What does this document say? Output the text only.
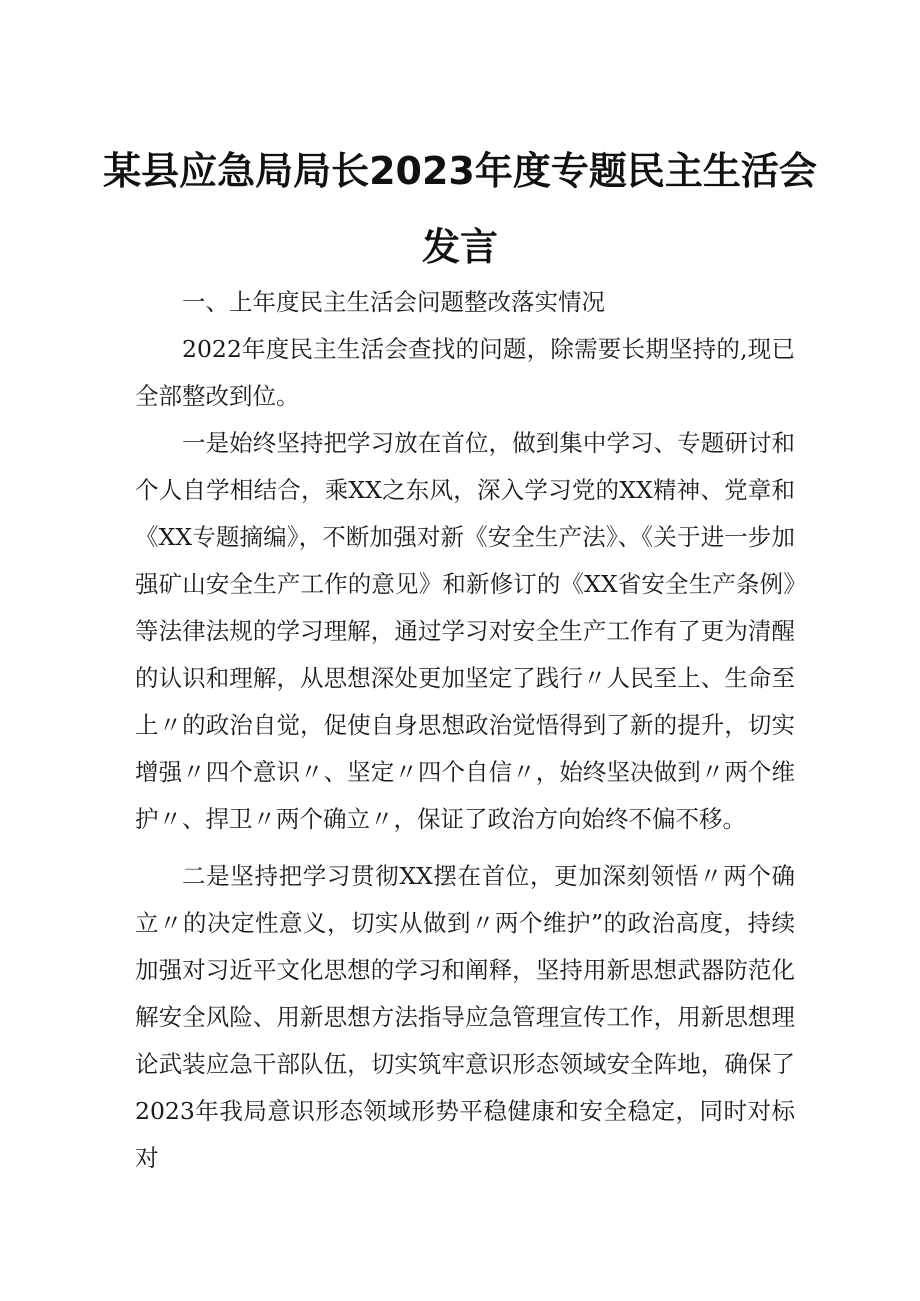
某县应急局局长2023年度专题民主生活会
发言

一、上年度民主生活会问题整改落实情况

2022年度民主生活会查找的问题，除需要长期坚持的,现已全部整改到位。

一是始终坚持把学习放在首位，做到集中学习、专题研讨和个人自学相结合，乘XX之东风，深入学习党的XX精神、党章和《XX专题摘编》，不断加强对新《安全生产法》、《关于进一步加强矿山安全生产工作的意见》和新修订的《XX省安全生产条例》等法律法规的学习理解，通过学习对安全生产工作有了更为清醒的认识和理解，从思想深处更加坚定了践行〃人民至上、生命至上〃的政治自觉，促使自身思想政治觉悟得到了新的提升，切实增强〃四个意识〃、坚定〃四个自信〃，始终坚决做到〃两个维护〃、捍卫〃两个确立〃，保证了政治方向始终不偏不移。

二是坚持把学习贯彻XX摆在首位，更加深刻领悟〃两个确立〃的决定性意义，切实从做到〃两个维护”的政治高度，持续加强对习近平文化思想的学习和阐释，坚持用新思想武器防范化解安全风险、用新思想方法指导应急管理宣传工作，用新思想理论武装应急干部队伍，切实筑牢意识形态领域安全阵地，确保了2023年我局意识形态领域形势平稳健康和安全稳定，同时对标对
